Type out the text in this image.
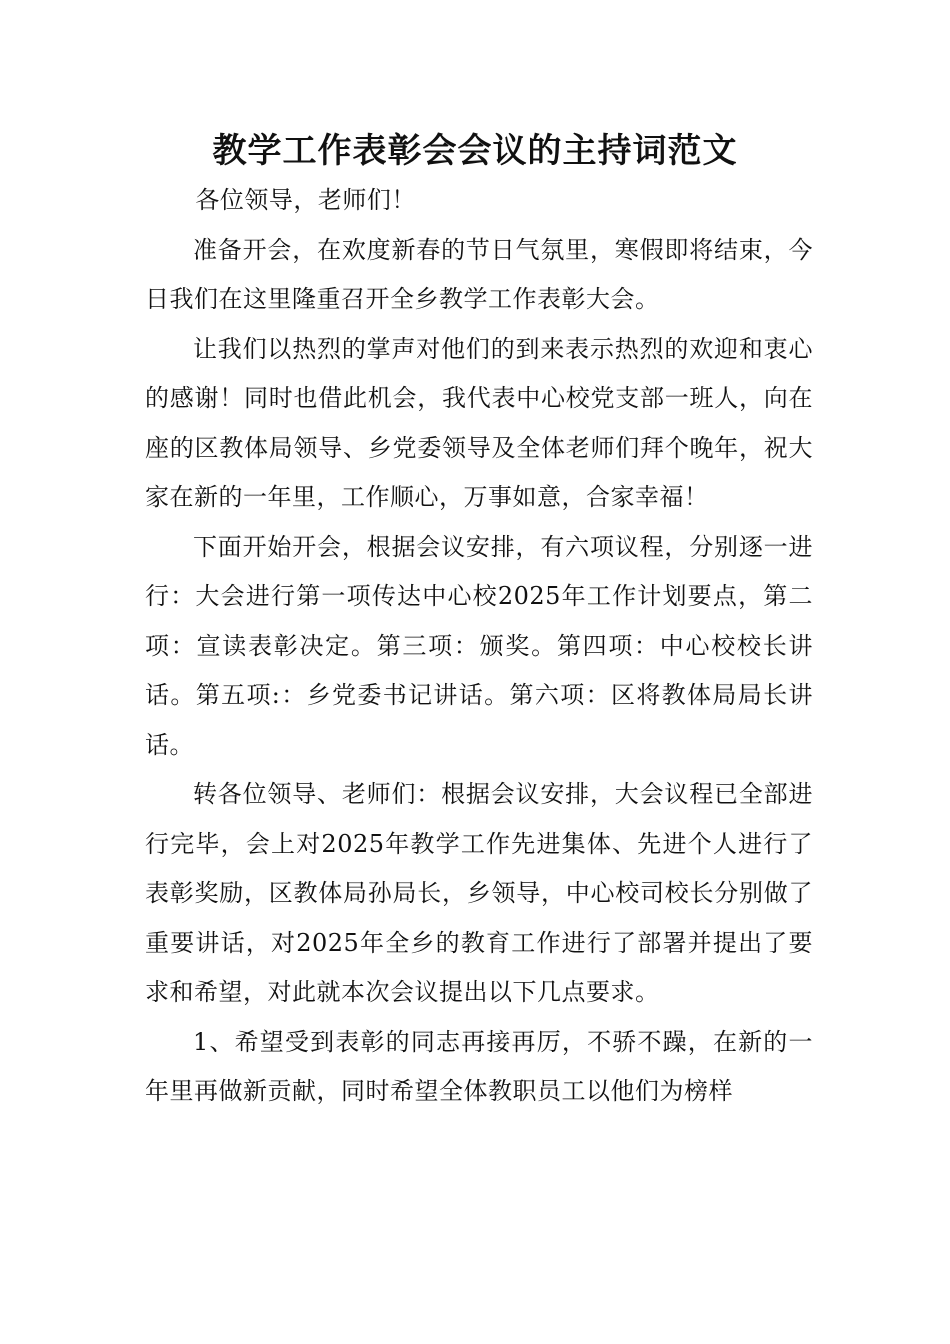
教学工作表彰会会议的主持词范文

各位领导，老师们！

准备开会，在欢度新春的节日气氛里，寒假即将结束，今日我们在这里隆重召开全乡教学工作表彰大会。

让我们以热烈的掌声对他们的到来表示热烈的欢迎和衷心的感谢！同时也借此机会，我代表中心校党支部一班人，向在座的区教体局领导、乡党委领导及全体老师们拜个晚年，祝大家在新的一年里，工作顺心，万事如意，合家幸福！

下面开始开会，根据会议安排，有六项议程，分别逐一进行：大会进行第一项传达中心校2025年工作计划要点，第二项：宣读表彰决定。第三项：颁奖。第四项：中心校校长讲话。第五项:：乡党委书记讲话。第六项：区将教体局局长讲话。

转各位领导、老师们：根据会议安排，大会议程已全部进行完毕，会上对2025年教学工作先进集体、先进个人进行了表彰奖励，区教体局孙局长，乡领导，中心校司校长分别做了重要讲话，对2025年全乡的教育工作进行了部署并提出了要求和希望，对此就本次会议提出以下几点要求。

1、希望受到表彰的同志再接再厉，不骄不躁，在新的一年里再做新贡献，同时希望全体教职员工以他们为榜样
